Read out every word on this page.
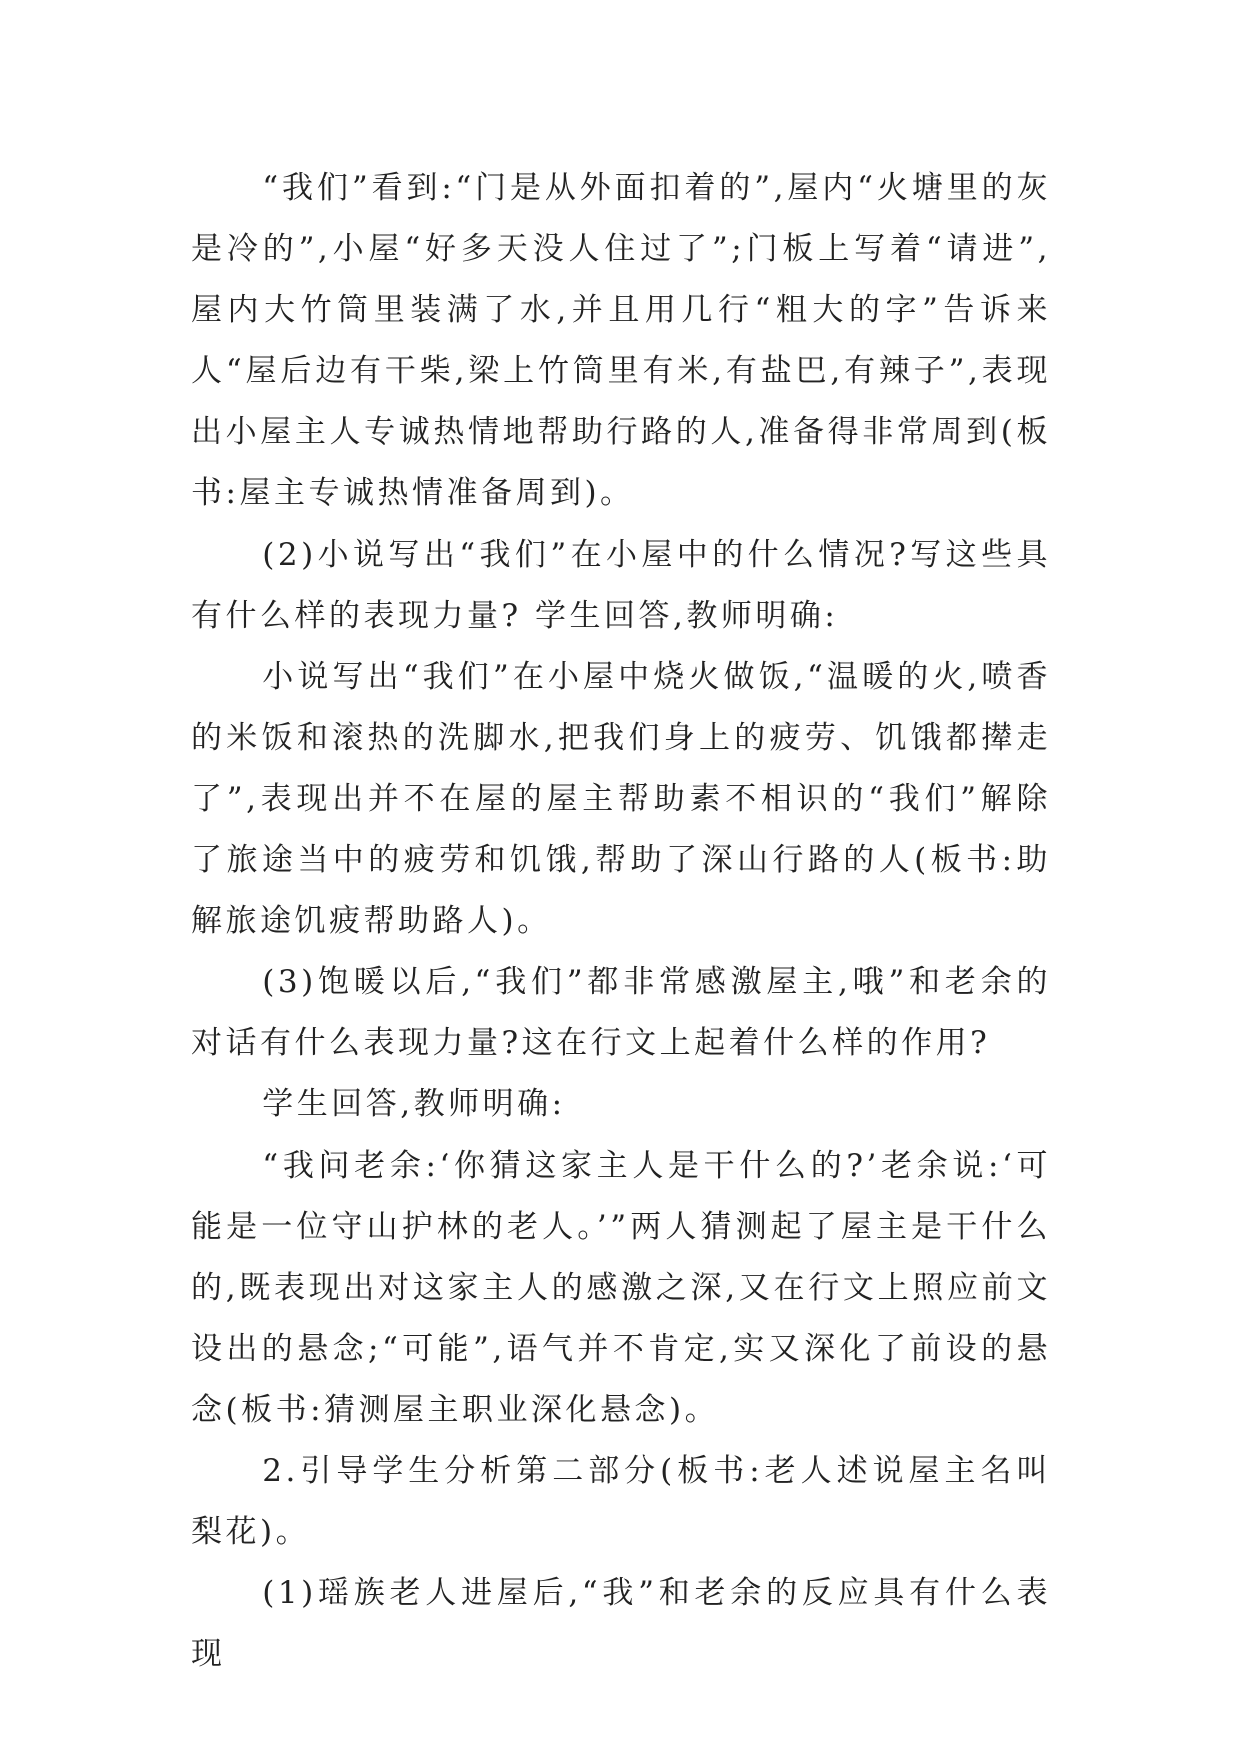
“我们”看到:“门是从外面扣着的”,屋内“火塘里的灰是冷的”,小屋“好多天没人住过了”;门板上写着“请进”,屋内大竹筒里装满了水,并且用几行“粗大的字”告诉来人“屋后边有干柴,梁上竹筒里有米,有盐巴,有辣子”,表现出小屋主人专诚热情地帮助行路的人,准备得非常周到(板书:屋主专诚热情准备周到)。

(2)小说写出“我们”在小屋中的什么情况?写这些具有什么样的表现力量? 学生回答,教师明确:

小说写出“我们”在小屋中烧火做饭,“温暖的火,喷香的米饭和滚热的洗脚水,把我们身上的疲劳、饥饿都撵走了”,表现出并不在屋的屋主帮助素不相识的“我们”解除了旅途当中的疲劳和饥饿,帮助了深山行路的人(板书:助解旅途饥疲帮助路人)。

(3)饱暖以后,“我们”都非常感激屋主,哦”和老余的对话有什么表现力量?这在行文上起着什么样的作用?

学生回答,教师明确:

“我问老余:‘你猜这家主人是干什么的?’老余说:‘可能是一位守山护林的老人。’”两人猜测起了屋主是干什么的,既表现出对这家主人的感激之深,又在行文上照应前文设出的悬念;“可能”,语气并不肯定,实又深化了前设的悬念(板书:猜测屋主职业深化悬念)。

2.引导学生分析第二部分(板书:老人述说屋主名叫梨花)。

(1)瑶族老人进屋后,“我”和老余的反应具有什么表现
